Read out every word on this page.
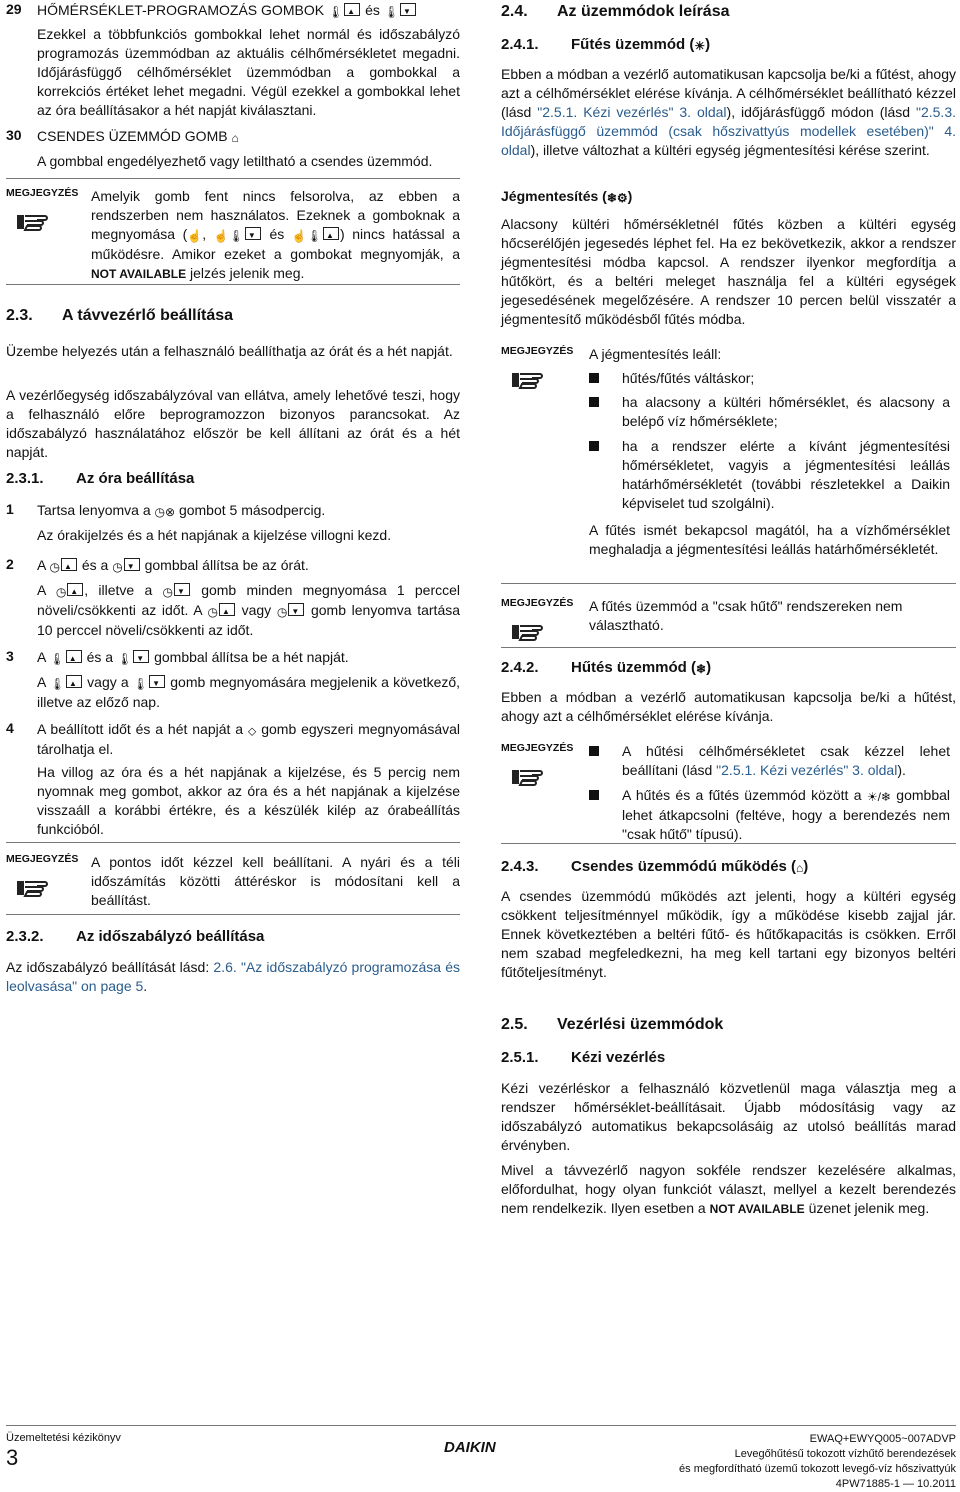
29 HŐMÉRSÉKLET-PROGRAMOZÁS GOMBOK 🌡 ▲ és 🌡▼

Ezekkel a többfunkciós gombokkal lehet normál és időszabályzó programozás üzemmódban az aktuális célhőmérsékletet megadni. Időjárásfüggő célhőmérséklet üzemmódban a gombokkal a korrekciós értéket lehet megadni. Végül ezekkel a gombokkal lehet az óra beállításakor a hét napját kiválasztani.

30 CSENDES ÜZEMMÓD GOMB ⌂

A gombbal engedélyezhető vagy letiltható a csendes üzemmód.

MEGJEGYZÉS Amelyik gomb fent nincs felsorolva, az ebben a rendszerben nem használatos. Ezeknek a gomboknak a megnyomása (☝, ☝🌡 ▼ és ☝🌡 ▲ ) nincs hatással a működésre. Amikor ezeket a gombokat megnyomják, a NOT AVAILABLE jelzés jelenik meg.

2.3. A távvezérlő beállítása

Üzembe helyezés után a felhasználó beállíthatja az órát és a hét napját.

A vezérlőegység időszabályzóval van ellátva, amely lehetővé teszi, hogy a felhasználó előre beprogramozzon bizonyos parancsokat. Az időszabályzó használatához először be kell állítani az órát és a hét napját.

2.3.1. Az óra beállítása
1 Tartsa lenyomva a ◷⊗ gombot 5 másodpercig.

Az órakijelzés és a hét napjának a kijelzése villogni kezd.

2 A ◷ ▲ és a ◷ ▼ gombbal állítsa be az órát.

A ◷ ▲ , illetve a ◷ ▼ gomb minden megnyomása 1 perccel növeli/csökkenti az időt. A ◷ ▲ vagy ◷ ▼ gomb lenyomva tartása 10 perccel növeli/csökkenti az időt.

3 A 🌡 ▲ és a 🌡 ▼ gombbal állítsa be a hét napját.

A 🌡 ▲ vagy a 🌡 ▼ gomb megnyomására megjelenik a következő, illetve az előző nap.

4 A beállított időt és a hét napját a ⬦ gomb egyszeri megnyomásával tárolhatja el.

Ha villog az óra és a hét napjának a kijelzése, és 5 percig nem nyomnak meg gombot, akkor az óra és a hét napjának a kijelzése visszaáll a korábbi értékre, és a készülék kilép az órabeállítás funkcióból.

MEGJEGYZÉS A pontos időt kézzel kell beállítani. A nyári és a téli időszámítás közötti áttéréskor is módosítani kell a beállítást.

2.3.2. Az időszabályzó beállítása

Az időszabályzó beállítását lásd: 2.6. "Az időszabályzó programozása és leolvasása" on page 5.

2.4. Az üzemmódok leírása
2.4.1. Fűtés üzemmód (☀)

Ebben a módban a vezérlő automatikusan kapcsolja be/ki a fűtést, ahogy azt a célhőmérséklet elérése kívánja. A célhőmérséklet beállítható kézzel (lásd "2.5.1. Kézi vezérlés" 3. oldal), időjárásfüggő módon (lásd "2.5.3. Időjárásfüggő üzemmód (csak hőszivattyús modellek esetében)" 4. oldal), illetve változhat a kültéri egység jégmentesítési kérése szerint.

Jégmentesítés (❄⚙)

Alacsony kültéri hőmérsékletnél fűtés közben a kültéri egység hőcserélőjén jegesedés léphet fel. Ha ez bekövetkezik, akkor a rendszer jégmentesítési módba kapcsol. A rendszer ilyenkor megfordítja a hűtőkört, és a beltéri meleget használja fel a kültéri egységek jegesedésének megelőzésére. A rendszer 10 percen belül visszatér a jégmentesítő működésből fűtés módba.

MEGJEGYZÉS A jégmentesítés leáll:

hűtés/fűtés váltáskor;

ha alacsony a kültéri hőmérséklet, és alacsony a belépő víz hőmérséklete;

ha a rendszer elérte a kívánt jégmentesítési hőmérsékletet, vagyis a jégmentesítési leállás határhőmérsékletét (további részletekkel a Daikin képviselet tud szolgálni).

A fűtés ismét bekapcsol magától, ha a vízhőmérséklet meghaladja a jégmentesítési leállás határhőmérsékletét.

MEGJEGYZÉS A fűtés üzemmód a "csak hűtő" rendszereken nem választható.

2.4.2. Hűtés üzemmód (❄)

Ebben a módban a vezérlő automatikusan kapcsolja be/ki a hűtést, ahogy azt a célhőmérséklet elérése kívánja.

MEGJEGYZÉS	A hűtési célhőmérsékletet csak kézzel lehet beállítani (lásd "2.5.1. Kézi vezérlés" 3. oldal).

A hűtés és a fűtés üzemmód között a ☀/❄ gombbal lehet átkapcsolni (feltéve, hogy a berendezés nem "csak hűtő" típusú).

2.4.3. Csendes üzemmódú működés (⌂)

A csendes üzemmódú működés azt jelenti, hogy a kültéri egység csökkent teljesítménnyel működik, így a működése kisebb zajjal jár. Ennek következtében a beltéri fűtő- és hűtőkapacitás is csökken. Erről nem szabad megfeledkezni, ha meg kell tartani egy bizonyos beltéri fűtőteljesítményt.

2.5. Vezérlési üzemmódok
2.5.1. Kézi vezérlés

Kézi vezérléskor a felhasználó közvetlenül maga választja meg a rendszer hőmérséklet-beállításait. Újabb módosításig vagy az időszabályzó automatikus bekapcsolásáig az utolsó beállítás marad érvényben.

Mivel a távvezérlő nagyon sokféle rendszer kezelésére alkalmas, előfordulhat, hogy olyan funkciót választ, mellyel a kezelt berendezés nem rendelkezik. Ilyen esetben a NOT AVAILABLE üzenet jelenik meg.

Üzemeltetési kézikönyv
3	DAIKIN	EWAQ+EWYQ005~007ADVP
Levegőhűtésű tokozott vízhűtő berendezések
és megfordítható üzemű tokozott levegő-víz hőszivattyúk
4PW71885-1 — 10.2011
